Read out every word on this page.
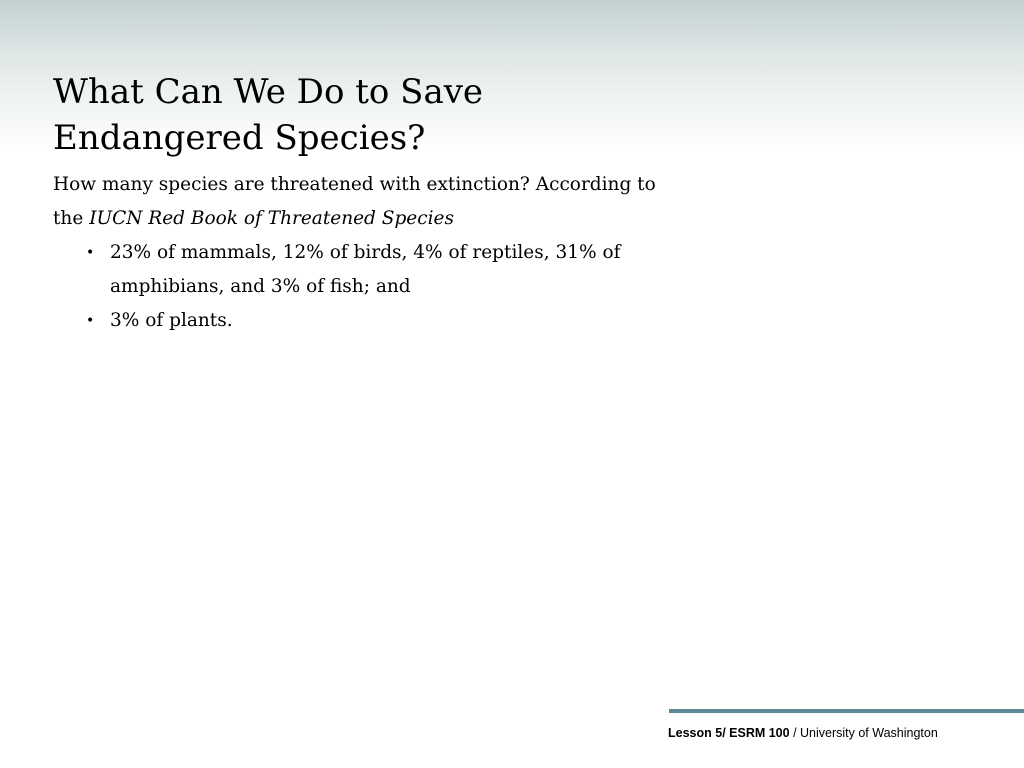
What Can We Do to Save
Endangered Species?

How many species are threatened with extinction? According to
the IUCN Red Book of Threatened Species

• 23% of mammals, 12% of birds, 4% of reptiles, 31% of
amphibians, and 3% of fish; and
• 3% of plants.
Lesson 5/ ESRM 100 / University of Washington
